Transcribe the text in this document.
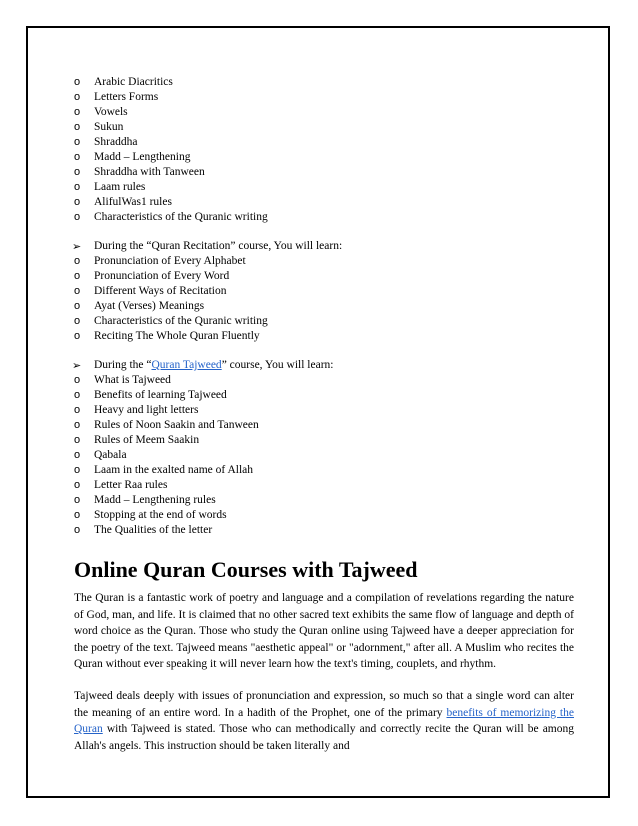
o Arabic Diacritics
o Letters Forms
o Vowels
o Sukun
o Shraddha
o Madd – Lengthening
o Shraddha with Tanween
o Laam rules
o AlifulWas1 rules
o Characteristics of the Quranic writing
➢ During the “Quran Recitation” course, You will learn:
o Pronunciation of Every Alphabet
o Pronunciation of Every Word
o Different Ways of Recitation
o Ayat (Verses) Meanings
o Characteristics of the Quranic writing
o Reciting The Whole Quran Fluently
➢ During the “Quran Tajweed” course, You will learn:
o What is Tajweed
o Benefits of learning Tajweed
o Heavy and light letters
o Rules of Noon Saakin and Tanween
o Rules of Meem Saakin
o Qabala
o Laam in the exalted name of Allah
o Letter Raa rules
o Madd – Lengthening rules
o Stopping at the end of words
o The Qualities of the letter
Online Quran Courses with Tajweed

The Quran is a fantastic work of poetry and language and a compilation of revelations regarding the nature of God, man, and life. It is claimed that no other sacred text exhibits the same flow of language and depth of word choice as the Quran. Those who study the Quran online using Tajweed have a deeper appreciation for the poetry of the text. Tajweed means "aesthetic appeal" or "adornment," after all. A Muslim who recites the Quran without ever speaking it will never learn how the text's timing, couplets, and rhythm.

Tajweed deals deeply with issues of pronunciation and expression, so much so that a single word can alter the meaning of an entire word. In a hadith of the Prophet, one of the primary benefits of memorizing the Quran with Tajweed is stated. Those who can methodically and correctly recite the Quran will be among Allah's angels. This instruction should be taken literally and
